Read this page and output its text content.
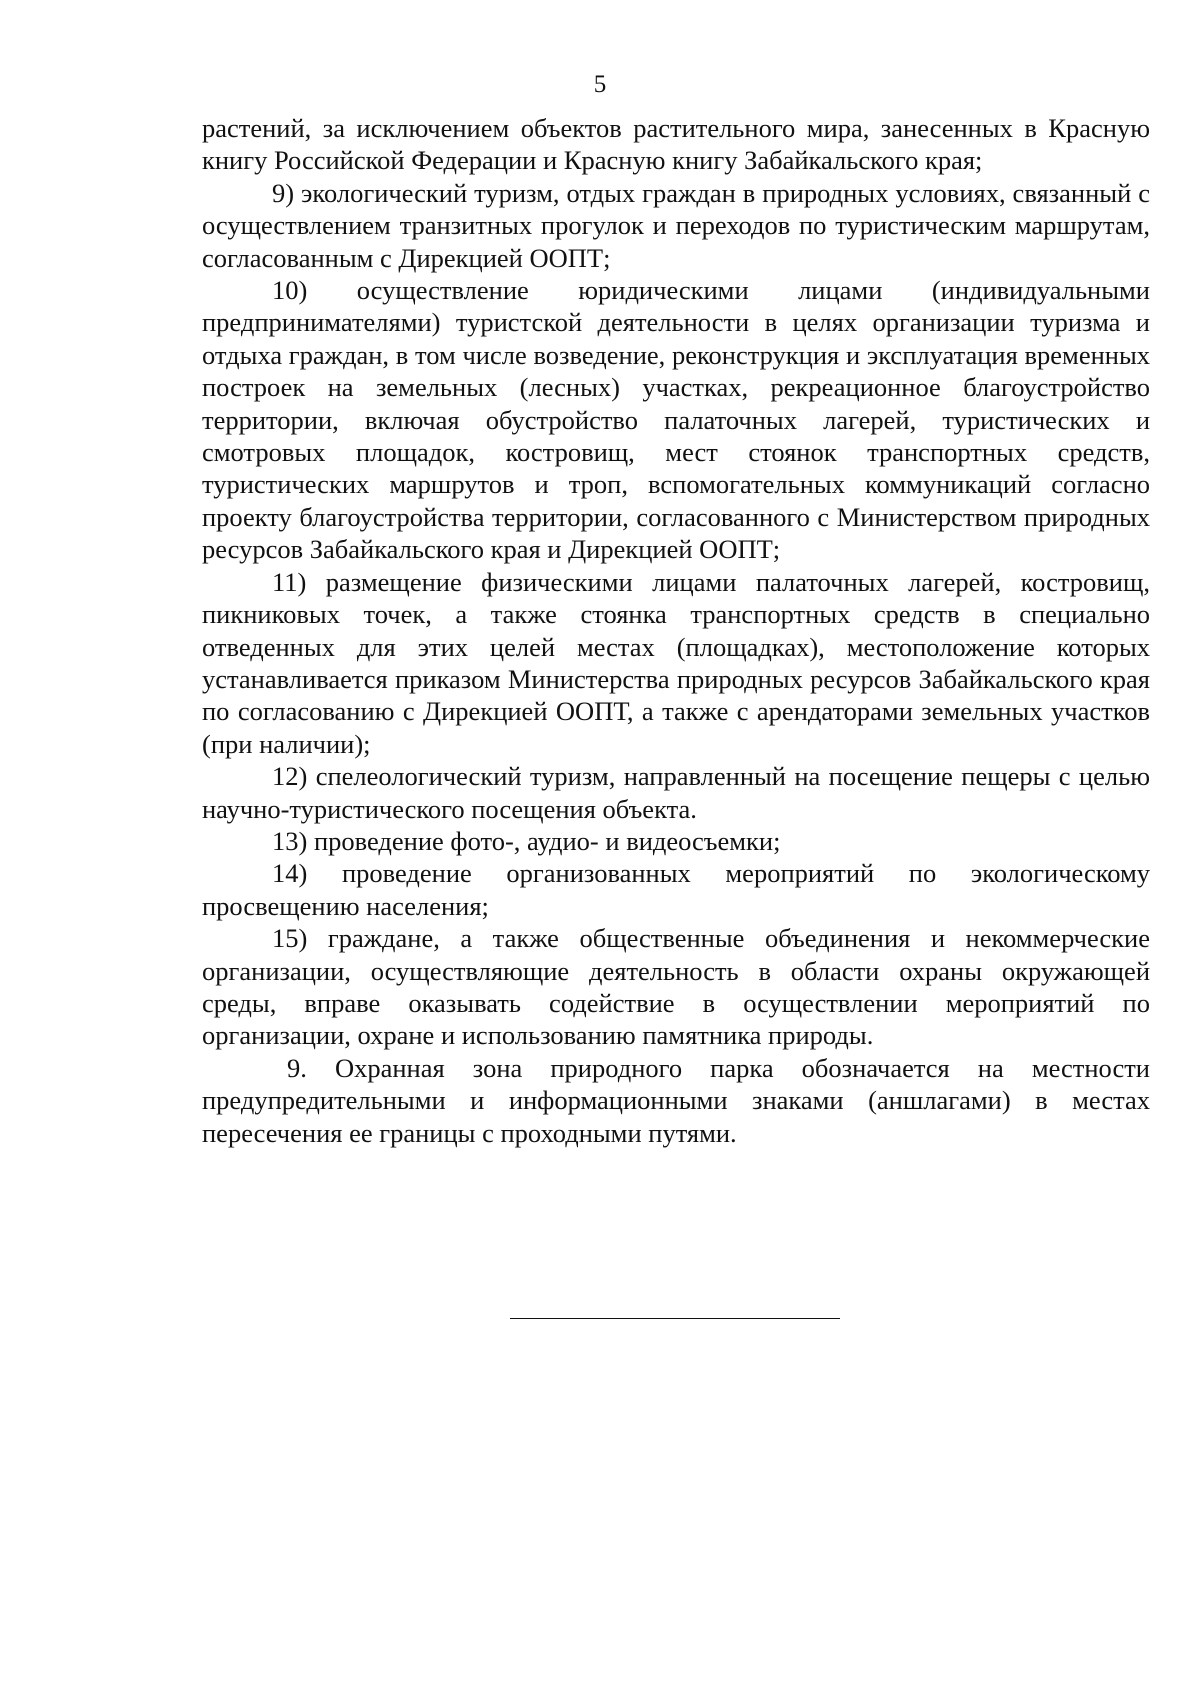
5

растений, за исключением объектов растительного мира, занесенных в Красную книгу Российской Федерации и Красную книгу Забайкальского края;

9) экологический туризм, отдых граждан в природных условиях, связанный с осуществлением транзитных прогулок и переходов по туристическим маршрутам, согласованным с Дирекцией ООПТ;

10) осуществление юридическими лицами (индивидуальными предпринимателями) туристской деятельности в целях организации туризма и отдыха граждан, в том числе возведение, реконструкция и эксплуатация временных построек на земельных (лесных) участках, рекреационное благоустройство территории, включая обустройство палаточных лагерей, туристических и смотровых площадок, костровищ, мест стоянок транспортных средств, туристических маршрутов и троп, вспомогательных коммуникаций согласно проекту благоустройства территории, согласованного с Министерством природных ресурсов Забайкальского края и Дирекцией ООПТ;

11) размещение физическими лицами палаточных лагерей, костровищ, пикниковых точек, а также стоянка транспортных средств в специально отведенных для этих целей местах (площадках), местоположение которых устанавливается приказом Министерства природных ресурсов Забайкальского края по согласованию с Дирекцией ООПТ, а также с арендаторами земельных участков (при наличии);

12) спелеологический туризм, направленный на посещение пещеры с целью научно-туристического посещения объекта.

13) проведение фото-, аудио- и видеосъемки;

14) проведение организованных мероприятий по экологическому просвещению населения;

15) граждане, а также общественные объединения и некоммерческие организации, осуществляющие деятельность в области охраны окружающей среды, вправе оказывать содействие в осуществлении мероприятий по организации, охране и использованию памятника природы.

9. Охранная зона природного парка обозначается на местности предупредительными и информационными знаками (аншлагами) в местах пересечения ее границы с проходными путями.
